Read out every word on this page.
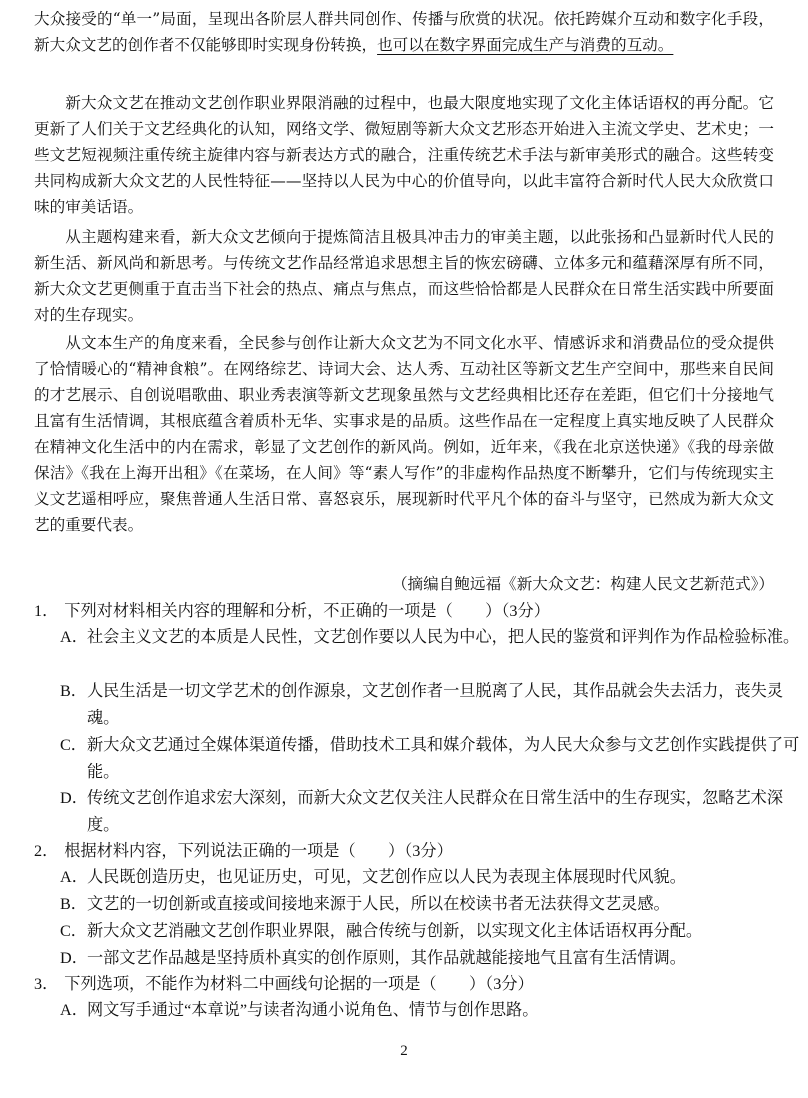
大众接受的“单一”局面，呈现出各阶层人群共同创作、传播与欣赏的状况。依托跨媒介互动和数字化手段，新大众文艺的创作者不仅能够即时实现身份转换，也可以在数字界面完成生产与消费的互动。

新大众文艺在推动文艺创作职业界限消融的过程中，也最大限度地实现了文化主体话语权的再分配。它更新了人们关于文艺经典化的认知，网络文学、微短剧等新大众文艺形态开始进入主流文学史、艺术史；一些文艺短视频注重传统主旋律内容与新表达方式的融合，注重传统艺术手法与新审美形式的融合。这些转变共同构成新大众文艺的人民性特征——坚持以人民为中心的价值导向，以此丰富符合新时代人民大众欣赏口味的审美话语。

从主题构建来看，新大众文艺倾向于提炼简洁且极具冲击力的审美主题，以此张扬和凸显新时代人民的新生活、新风尚和新思考。与传统文艺作品经常追求思想主旨的恢宏磅礴、立体多元和蕴藉深厚有所不同，新大众文艺更侧重于直击当下社会的热点、痛点与焦点，而这些恰恰都是人民群众在日常生活实践中所要面对的生存现实。

从文本生产的角度来看，全民参与创作让新大众文艺为不同文化水平、情感诉求和消费品位的受众提供了恰情暖心的“精神食粮”。在网络综艺、诗词大会、达人秀、互动社区等新文艺生产空间中，那些来自民间的才艺展示、自创说唱歌曲、职业秀表演等新文艺现象虽然与文艺经典相比还存在差距，但它们十分接地气且富有生活情调，其根底蕴含着质朴无华、实事求是的品质。这些作品在一定程度上真实地反映了人民群众在精神文化生活中的内在需求，彰显了文艺创作的新风尚。例如，近年来，《我在北京送快递》《我的母亲做保洁》《我在上海开出租》《在菜场，在人间》等“素人写作”的非虚构作品热度不断攀升，它们与传统现实主义文艺遥相呼应，聚焦普通人生活日常、喜怒哀乐，展现新时代平凡个体的奋斗与坚守，已然成为新大众文艺的重要代表。

（摘编自鲍远福《新大众文艺：构建人民文艺新范式》）

1． 下列对材料相关内容的理解和分析，不正确的一项是（　　）（3分）

A．社会主义文艺的本质是人民性，文艺创作要以人民为中心，把人民的鉴赏和评判作为作品检验标准。

B．人民生活是一切文学艺术的创作源泉，文艺创作者一旦脱离了人民，其作品就会失去活力，丧失灵魂。

C．新大众文艺通过全媒体渠道传播，借助技术工具和媒介载体，为人民大众参与文艺创作实践提供了可能。

D．传统文艺创作追求宏大深刻，而新大众文艺仅关注人民群众在日常生活中的生存现实，忽略艺术深度。

2． 根据材料内容，下列说法正确的一项是（　　）（3分）

A．人民既创造历史，也见证历史，可见，文艺创作应以人民为表现主体展现时代风貌。

B．文艺的一切创新或直接或间接地来源于人民，所以在校读书者无法获得文艺灵感。

C．新大众文艺消融文艺创作职业界限，融合传统与创新，以实现文化主体话语权再分配。

D．一部文艺作品越是坚持质朴真实的创作原则，其作品就越能接地气且富有生活情调。

3． 下列选项，不能作为材料二中画线句论据的一项是（　　）（3分）

A．网文写手通过“本章说”与读者沟通小说角色、情节与创作思路。

2
